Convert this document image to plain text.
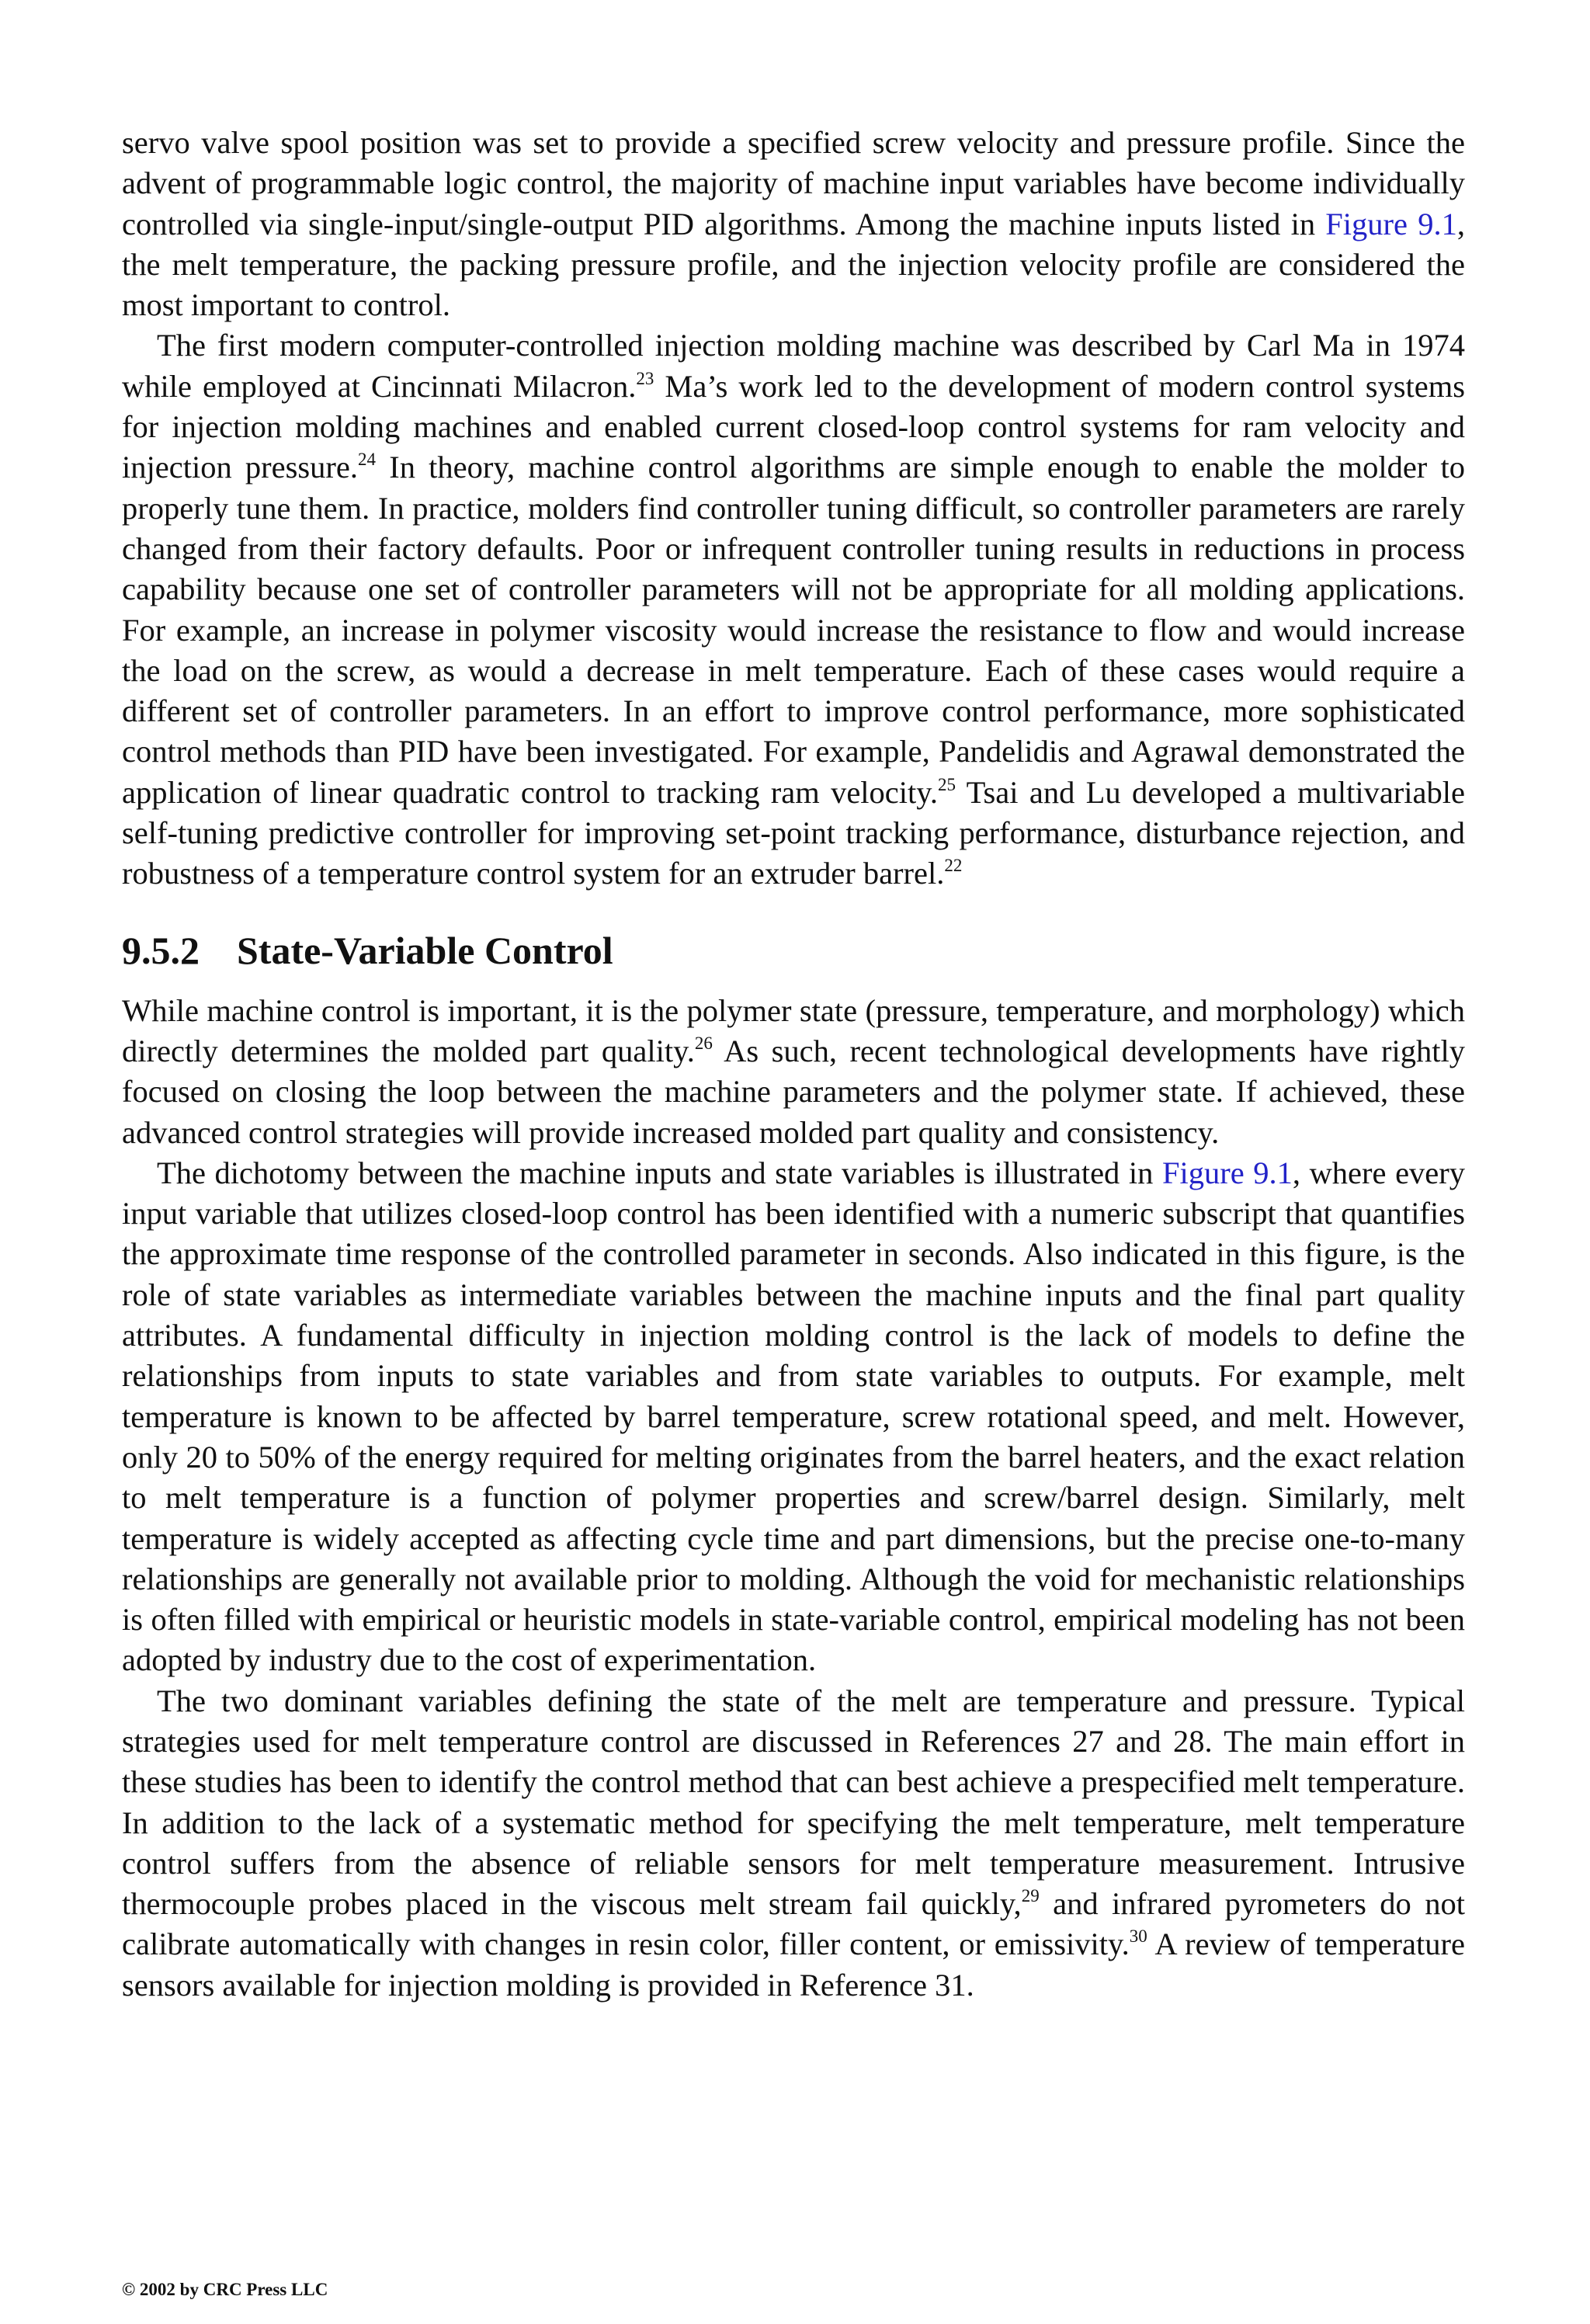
servo valve spool position was set to provide a specified screw velocity and pressure profile. Since the advent of programmable logic control, the majority of machine input variables have become individually controlled via single-input/single-output PID algorithms. Among the machine inputs listed in Figure 9.1, the melt temperature, the packing pressure profile, and the injection velocity profile are considered the most important to control.

The first modern computer-controlled injection molding machine was described by Carl Ma in 1974 while employed at Cincinnati Milacron.$^{23}$ Ma’s work led to the development of modern control systems for injection molding machines and enabled current closed-loop control systems for ram velocity and injection pressure.$^{24}$ In theory, machine control algorithms are simple enough to enable the molder to properly tune them. In practice, molders find controller tuning difficult, so controller parameters are rarely changed from their factory defaults. Poor or infrequent controller tuning results in reductions in process capability because one set of controller parameters will not be appropriate for all molding applications. For example, an increase in polymer viscosity would increase the resistance to flow and would increase the load on the screw, as would a decrease in melt temperature. Each of these cases would require a different set of controller parameters. In an effort to improve control performance, more sophisticated control methods than PID have been investigated. For example, Pandelidis and Agrawal demonstrated the application of linear quadratic control to tracking ram velocity.$^{25}$ Tsai and Lu developed a multivariable self-tuning predictive controller for improving set-point tracking performance, disturbance rejection, and robustness of a temperature control system for an extruder barrel.$^{22}$

9.5.2 State-Variable Control

While machine control is important, it is the polymer state (pressure, temperature, and morphology) which directly determines the molded part quality.$^{26}$ As such, recent technological developments have rightly focused on closing the loop between the machine parameters and the polymer state. If achieved, these advanced control strategies will provide increased molded part quality and consistency.

The dichotomy between the machine inputs and state variables is illustrated in Figure 9.1, where every input variable that utilizes closed-loop control has been identified with a numeric subscript that quantifies the approximate time response of the controlled parameter in seconds. Also indicated in this figure, is the role of state variables as intermediate variables between the machine inputs and the final part quality attributes. A fundamental difficulty in injection molding control is the lack of models to define the relationships from inputs to state variables and from state variables to outputs. For example, melt temperature is known to be affected by barrel temperature, screw rotational speed, and melt. However, only 20 to 50% of the energy required for melting originates from the barrel heaters, and the exact relation to melt temperature is a function of polymer properties and screw/barrel design. Similarly, melt temperature is widely accepted as affecting cycle time and part dimensions, but the precise one-to-many relationships are generally not available prior to molding. Although the void for mechanistic relationships is often filled with empirical or heuristic models in state-variable control, empirical modeling has not been adopted by industry due to the cost of experimentation.

The two dominant variables defining the state of the melt are temperature and pressure. Typical strategies used for melt temperature control are discussed in References 27 and 28. The main effort in these studies has been to identify the control method that can best achieve a prespecified melt temperature. In addition to the lack of a systematic method for specifying the melt temperature, melt temperature control suffers from the absence of reliable sensors for melt temperature measurement. Intrusive thermocouple probes placed in the viscous melt stream fail quickly,$^{29}$ and infrared pyrometers do not calibrate automatically with changes in resin color, filler content, or emissivity.$^{30}$ A review of temperature sensors available for injection molding is provided in Reference 31.

© 2002 by CRC Press LLC
